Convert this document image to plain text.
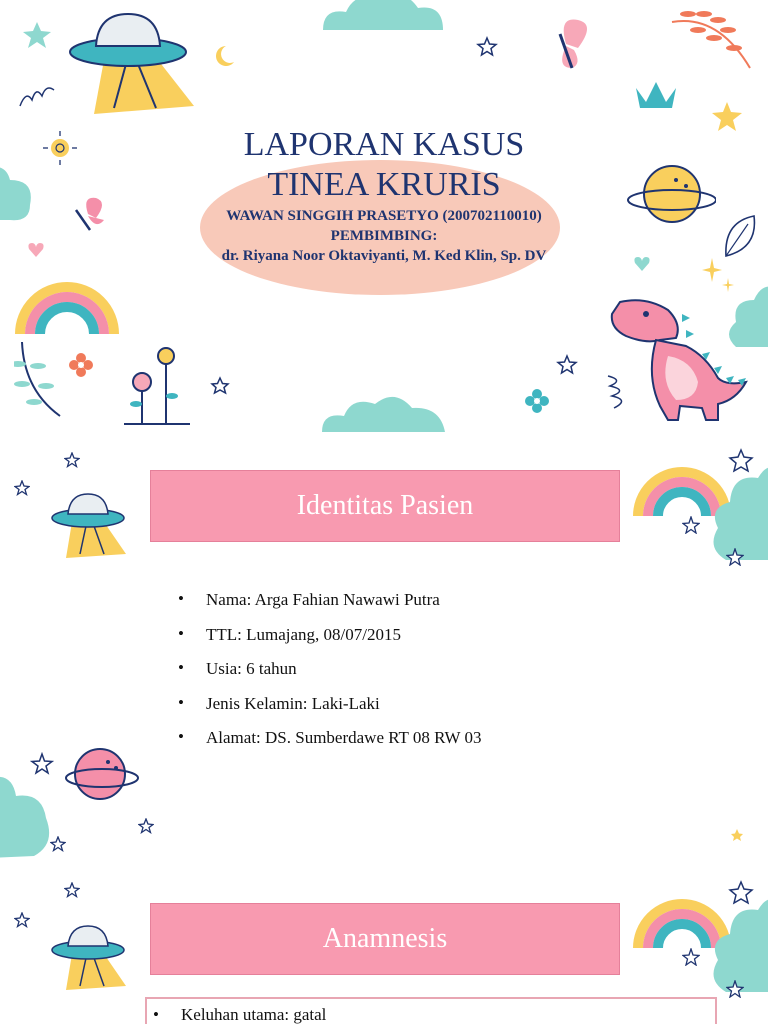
LAPORAN KASUS
TINEA KRURIS
WAWAN SINGGIH PRASETYO (200702110010)
PEMBIMBING:
dr. Riyana Noor Oktaviyanti, M. Ked Klin, Sp. DV
Identitas Pasien
• Nama: Arga Fahian Nawawi Putra
• TTL: Lumajang, 08/07/2015
• Usia: 6 tahun
• Jenis Kelamin: Laki-Laki
• Alamat: DS. Sumberdawe RT 08 RW 03
Anamnesis
• Keluhan utama: gatal
